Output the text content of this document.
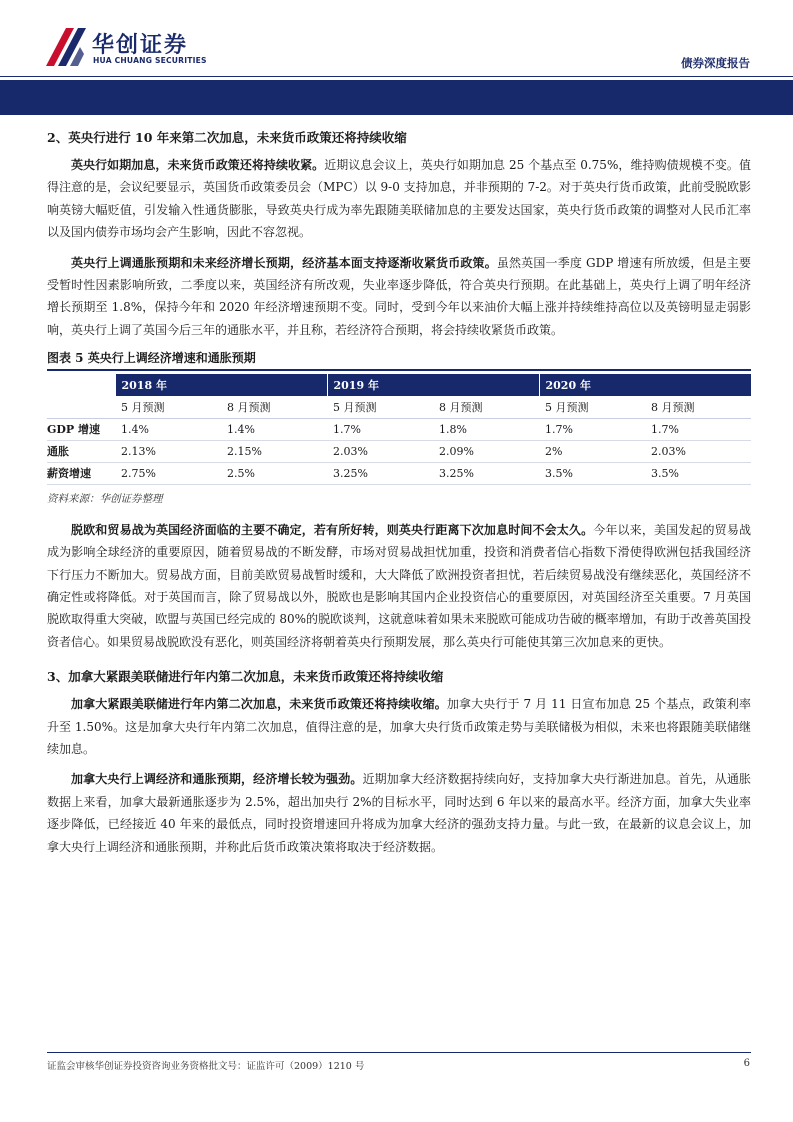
华创证券
HUA CHUANG SECURITIES	债券深度报告
2、英央行进行 10 年来第二次加息，未来货币政策还将持续收缩

英央行如期加息，未来货币政策还将持续收紧。近期议息会议上，英央行如期加息 25 个基点至 0.75%，维持购债规模不变。值得注意的是，会议纪要显示，英国货币政策委员会（MPC）以 9-0 支持加息，并非预期的 7-2。对于英央行货币政策，此前受脱欧影响英镑大幅贬值，引发输入性通货膨胀，导致英央行成为率先跟随美联储加息的主要发达国家，英央行货币政策的调整对人民币汇率以及国内债券市场均会产生影响，因此不容忽视。

英央行上调通胀预期和未来经济增长预期，经济基本面支持逐渐收紧货币政策。虽然英国一季度 GDP 增速有所放缓，但是主要受暂时性因素影响所致，二季度以来，英国经济有所改观，失业率逐步降低，符合英央行预期。在此基础上，英央行上调了明年经济增长预期至 1.8%，保持今年和 2020 年经济增速预期不变。同时，受到今年以来油价大幅上涨并持续维持高位以及英镑明显走弱影响，英央行上调了英国今后三年的通胀水平，并且称，若经济符合预期，将会持续收紧货币政策。

图表 5 英央行上调经济增速和通胀预期
	2018 年		2019 年		2020 年	
	5 月预测	8 月预测	5 月预测	8 月预测	5 月预测	8 月预测
GDP 增速	1.4%	1.4%	1.7%	1.8%	1.7%	1.7%
通胀	2.13%	2.15%	2.03%	2.09%	2%	2.03%
薪资增速	2.75%	2.5%	3.25%	3.25%	3.5%	3.5%
资料来源：华创证券整理

脱欧和贸易战为英国经济面临的主要不确定，若有所好转，则英央行距离下次加息时间不会太久。今年以来，美国发起的贸易战成为影响全球经济的重要原因，随着贸易战的不断发酵，市场对贸易战担忧加重，投资和消费者信心指数下滑使得欧洲包括我国经济下行压力不断加大。贸易战方面，目前美欧贸易战暂时缓和，大大降低了欧洲投资者担忧，若后续贸易战没有继续恶化，英国经济不确定性或将降低。对于英国而言，除了贸易战以外，脱欧也是影响其国内企业投资信心的重要原因，对英国经济至关重要。7 月英国脱欧取得重大突破，欧盟与英国已经完成的 80%的脱欧谈判，这就意味着如果未来脱欧可能成功告破的概率增加，有助于改善英国投资者信心。如果贸易战脱欧没有恶化，则英国经济将朝着英央行预期发展，那么英央行可能使其第三次加息来的更快。

3、加拿大紧跟美联储进行年内第二次加息，未来货币政策还将持续收缩

加拿大紧跟美联储进行年内第二次加息，未来货币政策还将持续收缩。加拿大央行于 7 月 11 日宣布加息 25 个基点，政策利率升至 1.50%。这是加拿大央行年内第二次加息，值得注意的是，加拿大央行货币政策走势与美联储极为相似，未来也将跟随美联储继续加息。

加拿大央行上调经济和通胀预期，经济增长较为强劲。近期加拿大经济数据持续向好，支持加拿大央行渐进加息。首先，从通胀数据上来看，加拿大最新通胀逐步为 2.5%，超出加央行 2%的目标水平，同时达到 6 年以来的最高水平。经济方面，加拿大失业率逐步降低，已经接近 40 年来的最低点，同时投资增速回升将成为加拿大经济的强劲支持力量。与此一致，在最新的议息会议上，加拿大央行上调经济和通胀预期，并称此后货币政策决策将取决于经济数据。

证监会审核华创证券投资咨询业务资格批文号：证监许可（2009）1210 号	6
